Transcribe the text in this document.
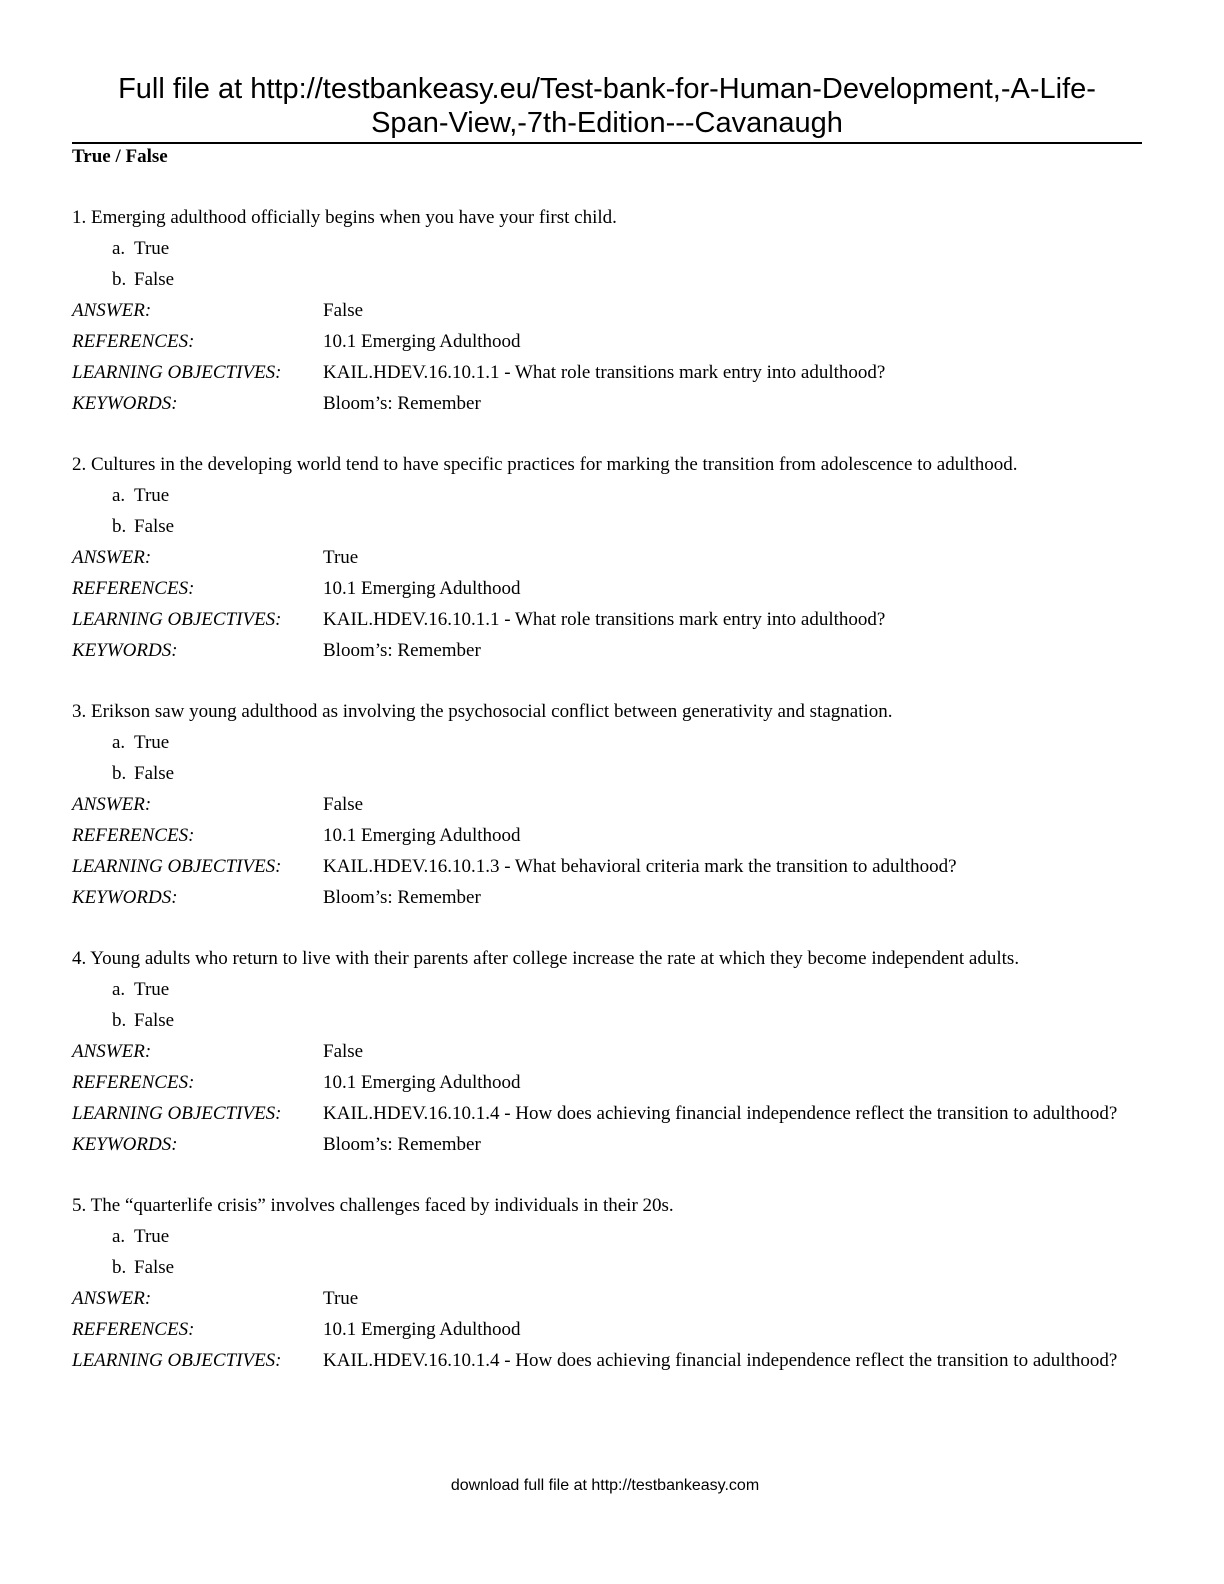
Full file at http://testbankeasy.eu/Test-bank-for-Human-Development,-A-Life-
Span-View,-7th-Edition---Cavanaugh
True / False
1. Emerging adulthood officially begins when you have your first child.
a. True
b. False
ANSWER:	False
REFERENCES:	10.1 Emerging Adulthood
LEARNING OBJECTIVES:	KAIL.HDEV.16.10.1.1 - What role transitions mark entry into adulthood?
KEYWORDS:	Bloom’s: Remember
2. Cultures in the developing world tend to have specific practices for marking the transition from adolescence to adulthood.
a. True
b. False
ANSWER:	True
REFERENCES:	10.1 Emerging Adulthood
LEARNING OBJECTIVES:	KAIL.HDEV.16.10.1.1 - What role transitions mark entry into adulthood?
KEYWORDS:	Bloom’s: Remember
3. Erikson saw young adulthood as involving the psychosocial conflict between generativity and stagnation.
a. True
b. False
ANSWER:	False
REFERENCES:	10.1 Emerging Adulthood
LEARNING OBJECTIVES:	KAIL.HDEV.16.10.1.3 - What behavioral criteria mark the transition to adulthood?
KEYWORDS:	Bloom’s: Remember
4. Young adults who return to live with their parents after college increase the rate at which they become independent adults.
a. True
b. False
ANSWER:	False
REFERENCES:	10.1 Emerging Adulthood
LEARNING OBJECTIVES:	KAIL.HDEV.16.10.1.4 - How does achieving financial independence reflect the transition to adulthood?
KEYWORDS:	Bloom’s: Remember
5. The “quarterlife crisis” involves challenges faced by individuals in their 20s.
a. True
b. False
ANSWER:	True
REFERENCES:	10.1 Emerging Adulthood
LEARNING OBJECTIVES:	KAIL.HDEV.16.10.1.4 - How does achieving financial independence reflect the transition to adulthood?
download full file at http://testbankeasy.com
